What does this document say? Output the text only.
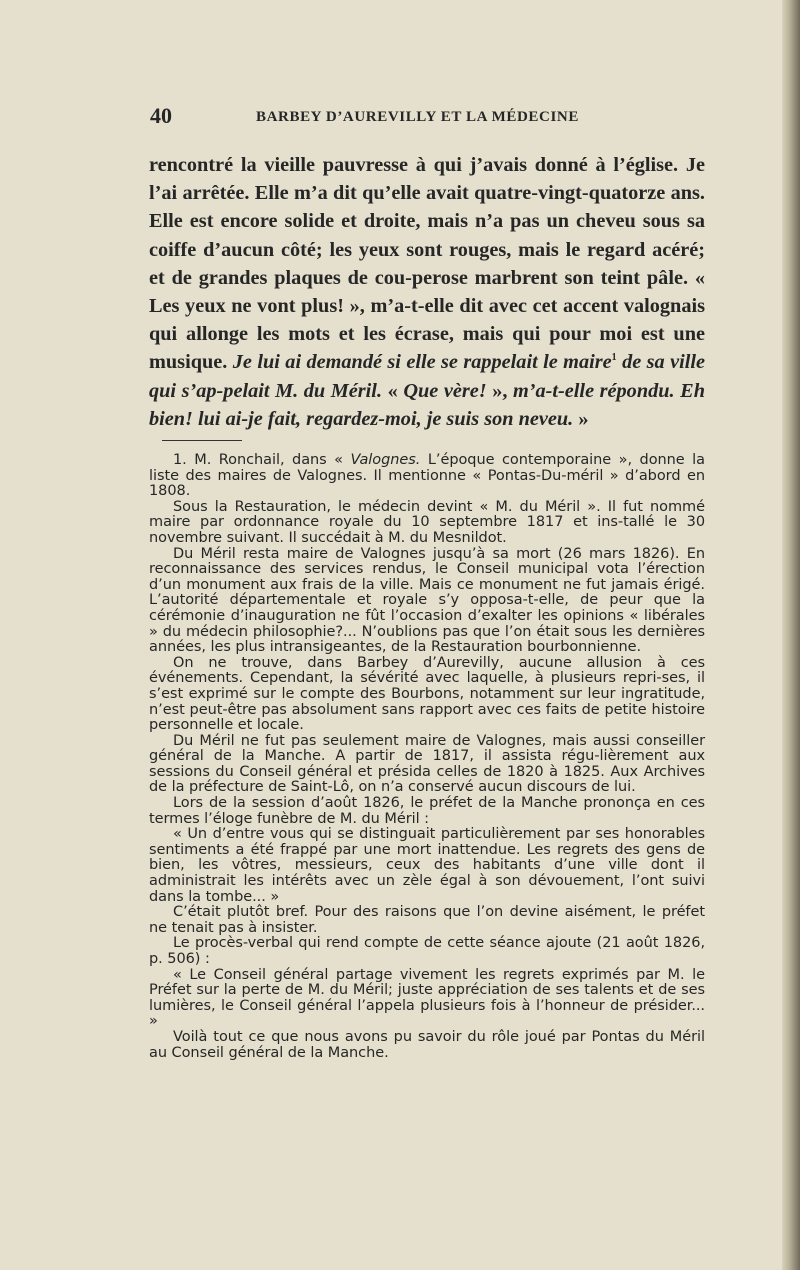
40	BARBEY D’AUREVILLY ET LA MÉDECINE
rencontré la vieille pauvresse à qui j’avais donné à l’église. Je l’ai arrêtée. Elle m’a dit qu’elle avait quatre-vingt-quatorze ans. Elle est encore solide et droite, mais n’a pas un cheveu sous sa coiffe d’aucun côté; les yeux sont rouges, mais le regard acéré; et de grandes plaques de cou-perose marbrent son teint pâle. « Les yeux ne vont plus! », m’a-t-elle dit avec cet accent valognais qui allonge les mots et les écrase, mais qui pour moi est une musique. Je lui ai demandé si elle se rappelait le maire$^1$ de sa ville qui s’ap-pelait M. du Méril. « Que vère! », m’a-t-elle répondu. Eh bien! lui ai-je fait, regardez-moi, je suis son neveu. »

1. M. Ronchail, dans « Valognes. L’époque contemporaine », donne la liste des maires de Valognes. Il mentionne « Pontas-Du-méril » d’abord en 1808.

Sous la Restauration, le médecin devint « M. du Méril ». Il fut nommé maire par ordonnance royale du 10 septembre 1817 et ins-tallé le 30 novembre suivant. Il succédait à M. du Mesnildot.

Du Méril resta maire de Valognes jusqu’à sa mort (26 mars 1826). En reconnaissance des services rendus, le Conseil municipal vota l’érection d’un monument aux frais de la ville. Mais ce monument ne fut jamais érigé. L’autorité départementale et royale s’y opposa-t-elle, de peur que la cérémonie d’inauguration ne fût l’occasion d’exalter les opinions « libérales » du médecin philosophie?... N’oublions pas que l’on était sous les dernières années, les plus intransigeantes, de la Restauration bourbonnienne.

On ne trouve, dans Barbey d’Aurevilly, aucune allusion à ces événements. Cependant, la sévérité avec laquelle, à plusieurs repri-ses, il s’est exprimé sur le compte des Bourbons, notamment sur leur ingratitude, n’est peut-être pas absolument sans rapport avec ces faits de petite histoire personnelle et locale.

Du Méril ne fut pas seulement maire de Valognes, mais aussi conseiller général de la Manche. A partir de 1817, il assista régu-lièrement aux sessions du Conseil général et présida celles de 1820 à 1825. Aux Archives de la préfecture de Saint-Lô, on n’a conservé aucun discours de lui.

Lors de la session d’août 1826, le préfet de la Manche prononça en ces termes l’éloge funèbre de M. du Méril :

« Un d’entre vous qui se distinguait particulièrement par ses honorables sentiments a été frappé par une mort inattendue. Les regrets des gens de bien, les vôtres, messieurs, ceux des habitants d’une ville dont il administrait les intérêts avec un zèle égal à son dévouement, l’ont suivi dans la tombe... »

C’était plutôt bref. Pour des raisons que l’on devine aisément, le préfet ne tenait pas à insister.

Le procès-verbal qui rend compte de cette séance ajoute (21 août 1826, p. 506) :

« Le Conseil général partage vivement les regrets exprimés par M. le Préfet sur la perte de M. du Méril; juste appréciation de ses talents et de ses lumières, le Conseil général l’appela plusieurs fois à l’honneur de présider... »

Voilà tout ce que nous avons pu savoir du rôle joué par Pontas du Méril au Conseil général de la Manche.
